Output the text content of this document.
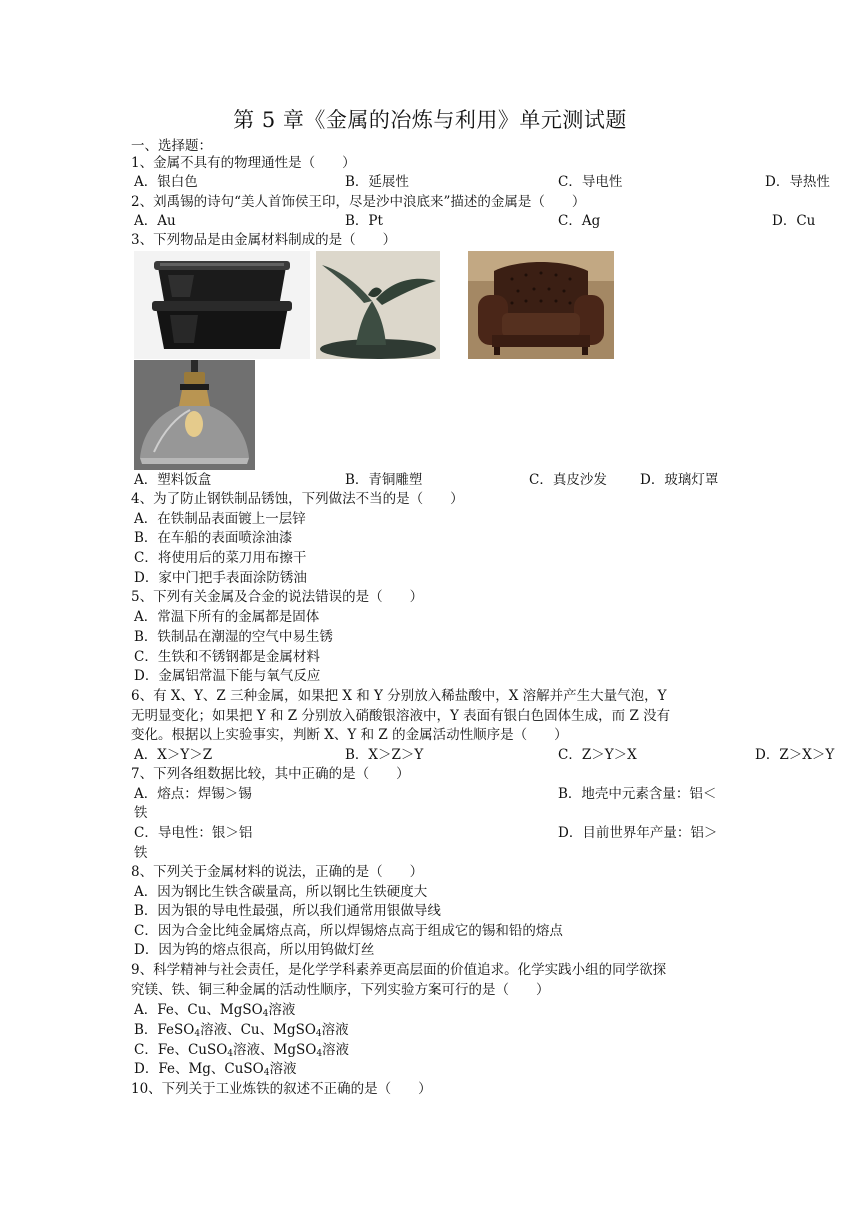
第 5 章《金属的冶炼与利用》单元测试题
一、选择题：
1、金属不具有的物理通性是（　　）
A．银白色	B．延展性	C．导电性	D．导热性
2、刘禹锡的诗句“美人首饰侯王印，尽是沙中浪底来”描述的金属是（　　）
A．Au	B．Pt	C．Ag	D．Cu
3、下列物品是由金属材料制成的是（　　）
A．塑料饭盒	B．青铜雕塑	C．真皮沙发 D．玻璃灯罩
4、为了防止钢铁制品锈蚀，下列做法不当的是（　　）
A．在铁制品表面镀上一层锌
B．在车船的表面喷涂油漆
C．将使用后的菜刀用布擦干
D．家中门把手表面涂防锈油
5、下列有关金属及合金的说法错误的是（　　）
A．常温下所有的金属都是固体
B．铁制品在潮湿的空气中易生锈
C．生铁和不锈钢都是金属材料
D．金属铝常温下能与氧气反应
6、有 X、Y、Z 三种金属，如果把 X 和 Y 分别放入稀盐酸中，X 溶解并产生大量气泡，Y
无明显变化；如果把 Y 和 Z 分别放入硝酸银溶液中，Y 表面有银白色固体生成，而 Z 没有
变化。根据以上实验事实，判断 X、Y 和 Z 的金属活动性顺序是（　　）
A．X＞Y＞Z	B．X＞Z＞Y	C．Z＞Y＞X	D．Z＞X＞Y
7、下列各组数据比较，其中正确的是（　　）
A．熔点：焊锡＞锡	B．地壳中元素含量：铝＜
铁
C．导电性：银＞铝	D．目前世界年产量：铝＞
铁
8、下列关于金属材料的说法，正确的是（　　）
A．因为钢比生铁含碳量高，所以钢比生铁硬度大
B．因为银的导电性最强，所以我们通常用银做导线
C．因为合金比纯金属熔点高，所以焊锡熔点高于组成它的锡和铅的熔点
D．因为钨的熔点很高，所以用钨做灯丝
9、科学精神与社会责任，是化学学科素养更高层面的价值追求。化学实践小组的同学欲探
究镁、铁、铜三种金属的活动性顺序，下列实验方案可行的是（　　）
A．Fe、Cu、MgSO$_4$溶液
B．FeSO$_4$溶液、Cu、MgSO$_4$溶液
C．Fe、CuSO$_4$溶液、MgSO$_4$溶液
D．Fe、Mg、CuSO$_4$溶液
10、下列关于工业炼铁的叙述不正确的是（　　）
